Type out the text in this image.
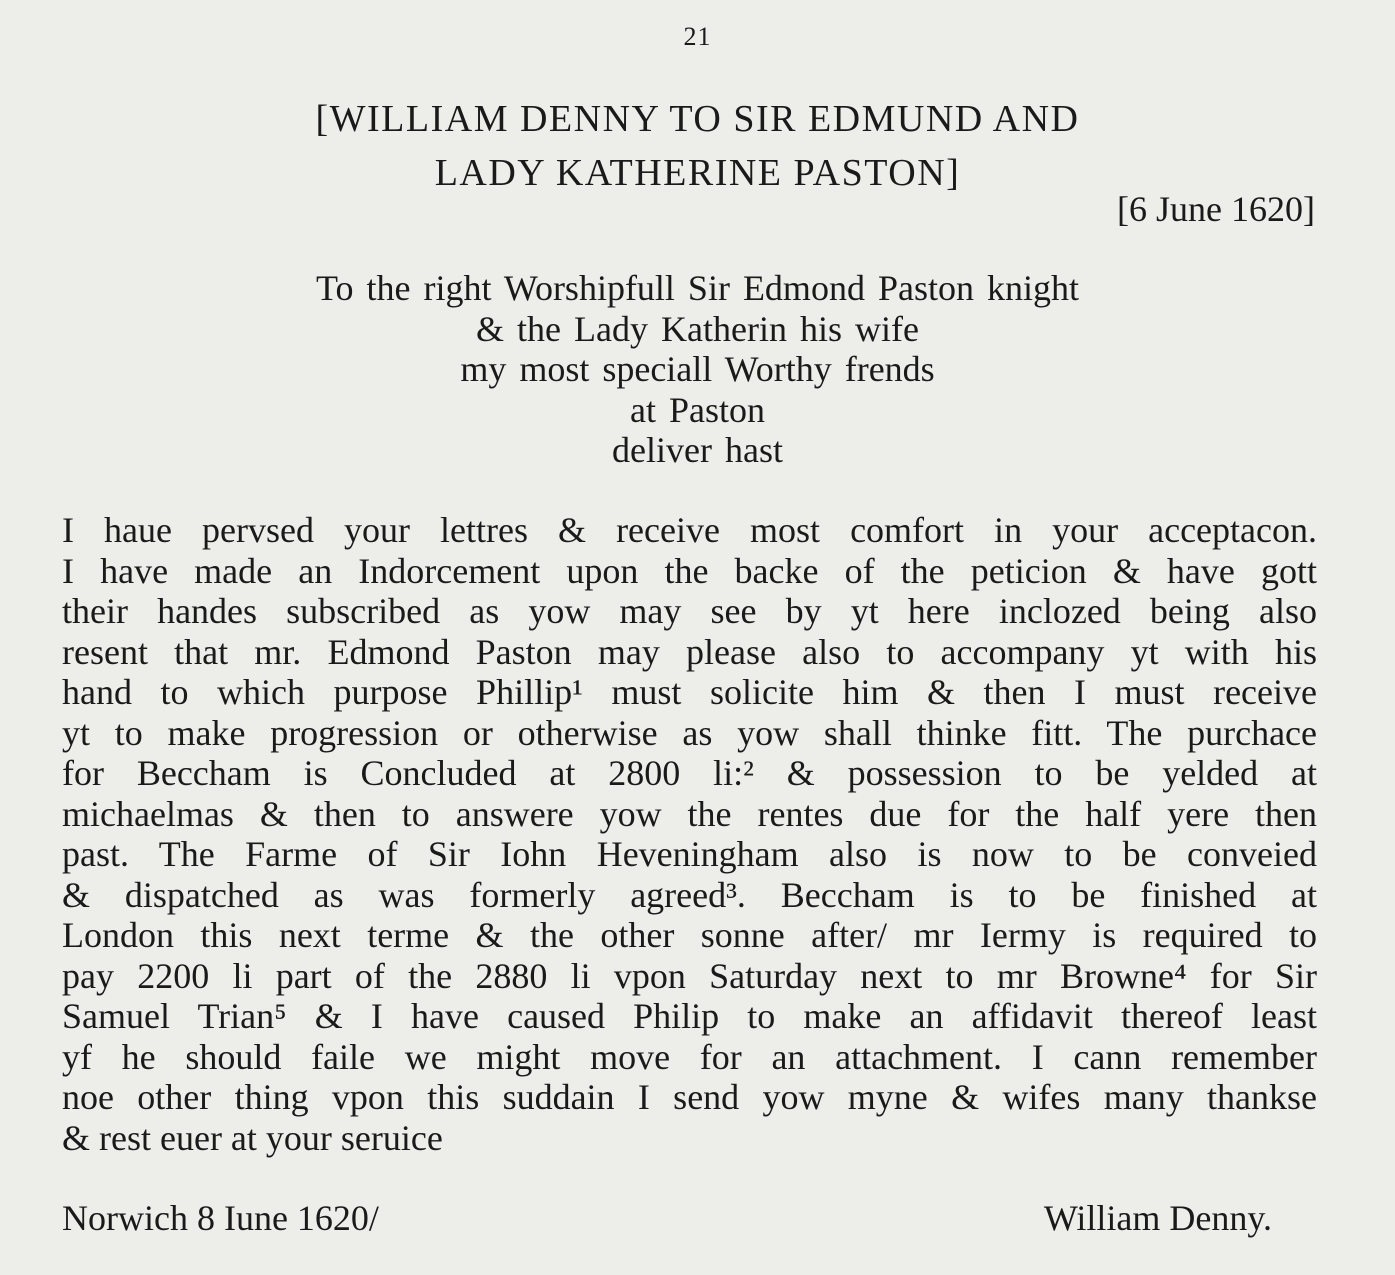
21
[WILLIAM DENNY TO SIR EDMUND AND
LADY KATHERINE PASTON]
[6 June 1620]
To the right Worshipfull Sir Edmond Paston knight
& the Lady Katherin his wife
my most speciall Worthy frends
at Paston
deliver hast
I haue pervsed your lettres & receive most comfort in your acceptacon.
I have made an Indorcement upon the backe of the peticion & have gott
their handes subscribed as yow may see by yt here inclozed being also
resent that mr. Edmond Paston may please also to accompany yt with his
hand to which purpose Phillip¹ must solicite him & then I must receive
yt to make progression or otherwise as yow shall thinke fitt. The purchace
for Beccham is Concluded at 2800 li:² & possession to be yelded at
michaelmas & then to answere yow the rentes due for the half yere then
past. The Farme of Sir Iohn Heveningham also is now to be conveied
& dispatched as was formerly agreed³. Beccham is to be finished at
London this next terme & the other sonne after/ mr Iermy is required to
pay 2200 li part of the 2880 li vpon Saturday next to mr Browne⁴ for Sir
Samuel Trian⁵ & I have caused Philip to make an affidavit thereof least
yf he should faile we might move for an attachment. I cann remember
noe other thing vpon this suddain I send yow myne & wifes many thankse
& rest euer at your seruice
Norwich 8 Iune 1620/	William Denny.
